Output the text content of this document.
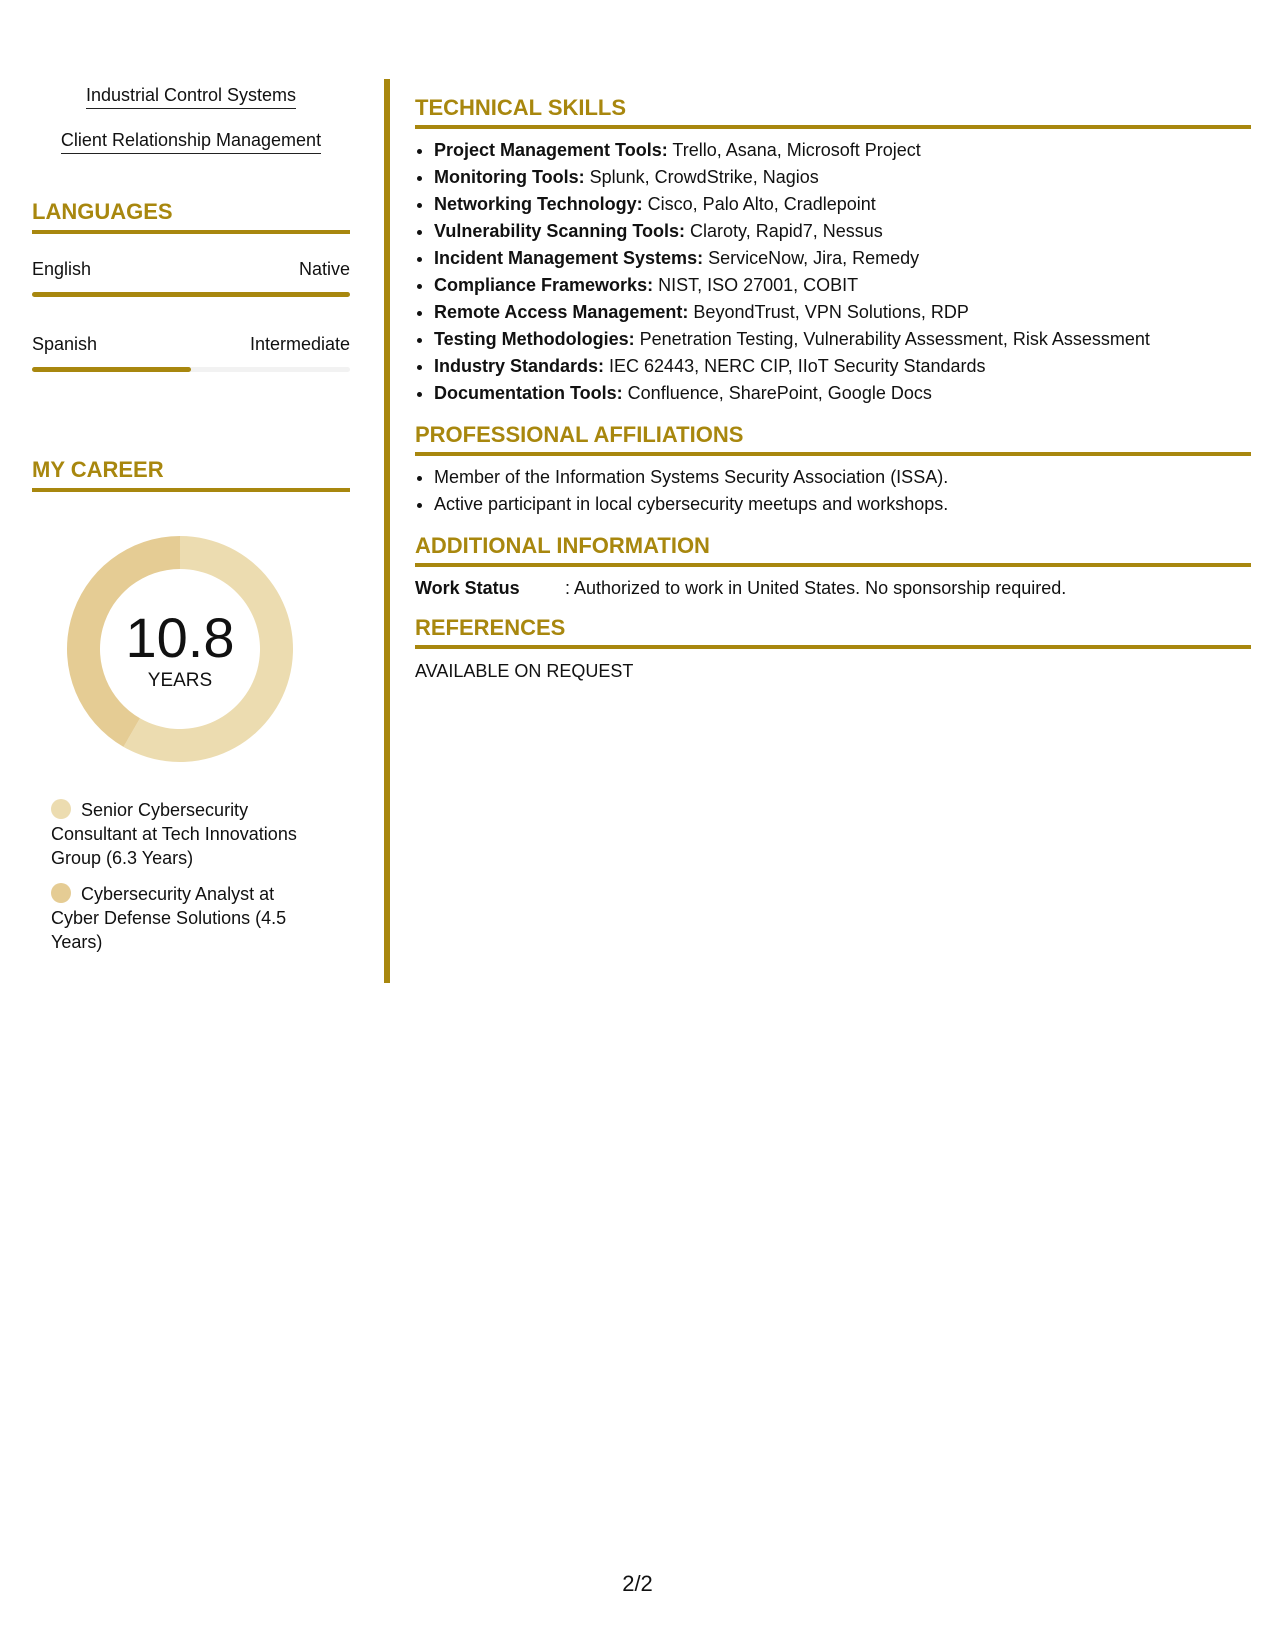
Industrial Control Systems
Client Relationship Management
LANGUAGES
English	Native
Spanish	Intermediate
MY CAREER
10.8
YEARS
Senior Cybersecurity Consultant at Tech Innovations Group (6.3 Years)
Cybersecurity Analyst at Cyber Defense Solutions (4.5 Years)
TECHNICAL SKILLS
• Project Management Tools: Trello, Asana, Microsoft Project
• Monitoring Tools: Splunk, CrowdStrike, Nagios
• Networking Technology: Cisco, Palo Alto, Cradlepoint
• Vulnerability Scanning Tools: Claroty, Rapid7, Nessus
• Incident Management Systems: ServiceNow, Jira, Remedy
• Compliance Frameworks: NIST, ISO 27001, COBIT
• Remote Access Management: BeyondTrust, VPN Solutions, RDP
• Testing Methodologies: Penetration Testing, Vulnerability Assessment, Risk Assessment
• Industry Standards: IEC 62443, NERC CIP, IIoT Security Standards
• Documentation Tools: Confluence, SharePoint, Google Docs
PROFESSIONAL AFFILIATIONS
• Member of the Information Systems Security Association (ISSA).
• Active participant in local cybersecurity meetups and workshops.
ADDITIONAL INFORMATION
Work Status	: Authorized to work in United States. No sponsorship required.
REFERENCES
AVAILABLE ON REQUEST
2/2
